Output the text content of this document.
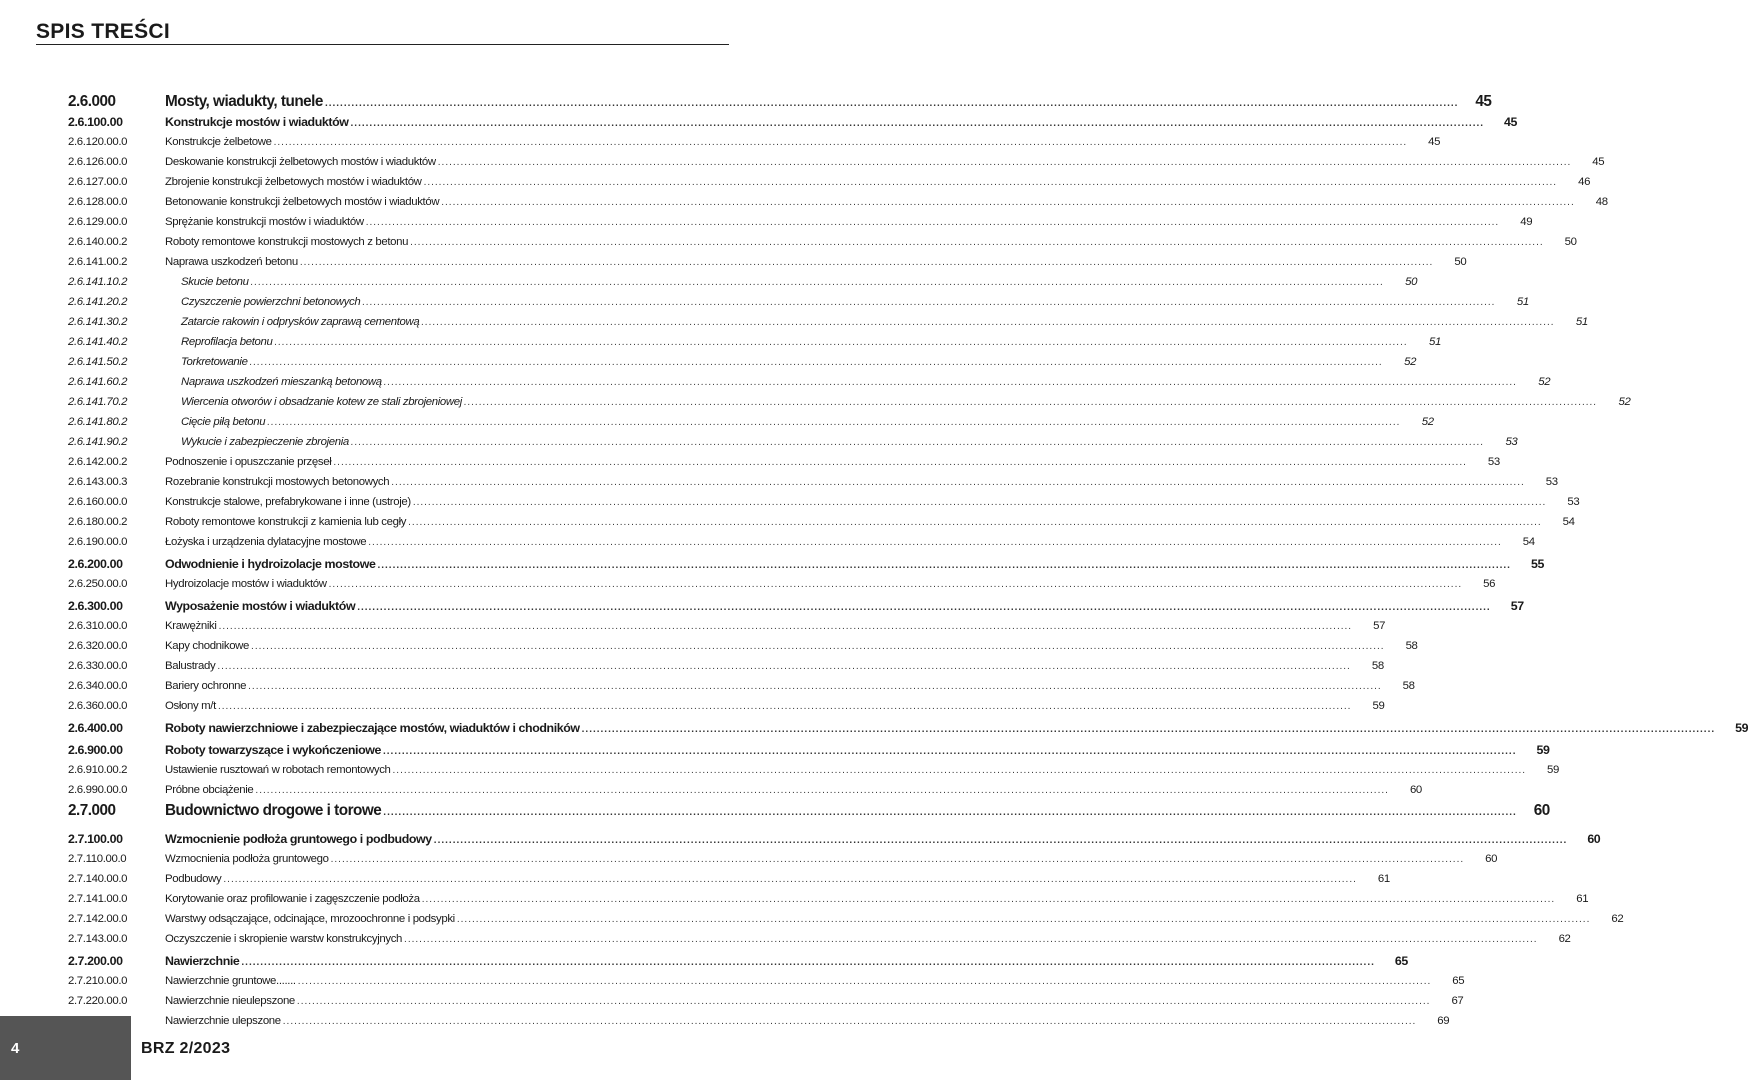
SPIS TREŚCI
2.6.000	Mosty, wiadukty, tunele ............................................................................................................................................................................................................................................................................................................	45
2.6.100.00	Konstrukcje mostów i wiaduktów ............................................................................................................................................................................................................................................................................................................	45
2.6.120.00.0	Konstrukcje żelbetowe ............................................................................................................................................................................................................................................................................................................	45
2.6.126.00.0	Deskowanie konstrukcji żelbetowych mostów i wiaduktów ............................................................................................................................................................................................................................................................................................................	45
2.6.127.00.0	Zbrojenie konstrukcji żelbetowych mostów i wiaduktów ............................................................................................................................................................................................................................................................................................................	46
2.6.128.00.0	Betonowanie konstrukcji żelbetowych mostów i wiaduktów ............................................................................................................................................................................................................................................................................................................	48
2.6.129.00.0	Sprężanie konstrukcji mostów i wiaduktów ............................................................................................................................................................................................................................................................................................................	49
2.6.140.00.2	Roboty remontowe konstrukcji mostowych z betonu ............................................................................................................................................................................................................................................................................................................	50
2.6.141.00.2	Naprawa uszkodzeń betonu ............................................................................................................................................................................................................................................................................................................	50
2.6.141.10.2	Skucie betonu ............................................................................................................................................................................................................................................................................................................	50
2.6.141.20.2	Czyszczenie powierzchni betonowych ............................................................................................................................................................................................................................................................................................................	51
2.6.141.30.2	Zatarcie rakowin i odprysków zaprawą cementową ............................................................................................................................................................................................................................................................................................................	51
2.6.141.40.2	Reprofilacja betonu ............................................................................................................................................................................................................................................................................................................	51
2.6.141.50.2	Torkretowanie ............................................................................................................................................................................................................................................................................................................	52
2.6.141.60.2	Naprawa uszkodzeń mieszanką betonową ............................................................................................................................................................................................................................................................................................................	52
2.6.141.70.2	Wiercenia otworów i obsadzanie kotew ze stali zbrojeniowej ............................................................................................................................................................................................................................................................................................................	52
2.6.141.80.2	Cięcie piłą betonu ............................................................................................................................................................................................................................................................................................................	52
2.6.141.90.2	Wykucie i zabezpieczenie zbrojenia ............................................................................................................................................................................................................................................................................................................	53
2.6.142.00.2	Podnoszenie i opuszczanie przęseł ............................................................................................................................................................................................................................................................................................................	53
2.6.143.00.3	Rozebranie konstrukcji mostowych betonowych ............................................................................................................................................................................................................................................................................................................	53
2.6.160.00.0	Konstrukcje stalowe, prefabrykowane i inne (ustroje) ............................................................................................................................................................................................................................................................................................................	53
2.6.180.00.2	Roboty remontowe konstrukcji z kamienia lub cegły ............................................................................................................................................................................................................................................................................................................	54
2.6.190.00.0	Łożyska i urządzenia dylatacyjne mostowe ............................................................................................................................................................................................................................................................................................................	54
2.6.200.00	Odwodnienie i hydroizolacje mostowe ............................................................................................................................................................................................................................................................................................................	55
2.6.250.00.0	Hydroizolacje mostów i wiaduktów ............................................................................................................................................................................................................................................................................................................	56
2.6.300.00	Wyposażenie mostów i wiaduktów ............................................................................................................................................................................................................................................................................................................	57
2.6.310.00.0	Krawężniki ............................................................................................................................................................................................................................................................................................................	57
2.6.320.00.0	Kapy chodnikowe ............................................................................................................................................................................................................................................................................................................	58
2.6.330.00.0	Balustrady ............................................................................................................................................................................................................................................................................................................	58
2.6.340.00.0	Bariery ochronne ............................................................................................................................................................................................................................................................................................................	58
2.6.360.00.0	Osłony m/t ............................................................................................................................................................................................................................................................................................................	59
2.6.400.00	Roboty nawierzchniowe i zabezpieczające mostów, wiaduktów i chodników ............................................................................................................................................................................................................................................................................................................	59
2.6.900.00	Roboty towarzyszące i wykończeniowe ............................................................................................................................................................................................................................................................................................................	59
2.6.910.00.2	Ustawienie rusztowań w robotach remontowych ............................................................................................................................................................................................................................................................................................................	59
2.6.990.00.0	Próbne obciążenie ............................................................................................................................................................................................................................................................................................................	60
2.7.000	Budownictwo drogowe i torowe ............................................................................................................................................................................................................................................................................................................	60
2.7.100.00	Wzmocnienie podłoża gruntowego i podbudowy ............................................................................................................................................................................................................................................................................................................	60
2.7.110.00.0	Wzmocnienia podłoża gruntowego ............................................................................................................................................................................................................................................................................................................	60
2.7.140.00.0	Podbudowy ............................................................................................................................................................................................................................................................................................................	61
2.7.141.00.0	Korytowanie oraz profilowanie i zagęszczenie podłoża ............................................................................................................................................................................................................................................................................................................	61
2.7.142.00.0	Warstwy odsączające, odcinające, mrozoochronne i podsypki ............................................................................................................................................................................................................................................................................................................	62
2.7.143.00.0	Oczyszczenie i skropienie warstw konstrukcyjnych ............................................................................................................................................................................................................................................................................................................	62
2.7.200.00	Nawierzchnie ............................................................................................................................................................................................................................................................................................................	65
2.7.210.00.0	Nawierzchnie gruntowe....... ............................................................................................................................................................................................................................................................................................................	65
2.7.220.00.0	Nawierzchnie nieulepszone ............................................................................................................................................................................................................................................................................................................	67
Nawierzchnie ulepszone ............................................................................................................................................................................................................................................................................................................	69
4	BRZ 2/2023
